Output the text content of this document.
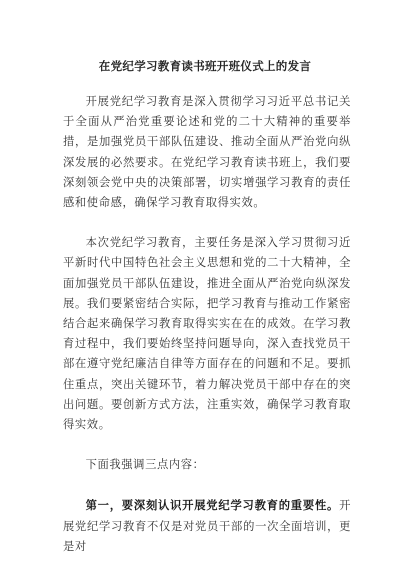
在党纪学习教育读书班开班仪式上的发言

开展党纪学习教育是深入贯彻学习习近平总书记关于全面从严治党重要论述和党的二十大精神的重要举措，是加强党员干部队伍建设、推动全面从严治党向纵深发展的必然要求。在党纪学习教育读书班上，我们要深刻领会党中央的决策部署，切实增强学习教育的责任感和使命感，确保学习教育取得实效。

本次党纪学习教育，主要任务是深入学习贯彻习近平新时代中国特色社会主义思想和党的二十大精神，全面加强党员干部队伍建设，推进全面从严治党向纵深发展。我们要紧密结合实际，把学习教育与推动工作紧密结合起来确保学习教育取得实实在在的成效。在学习教育过程中，我们要始终坚持问题导向，深入查找党员干部在遵守党纪廉洁自律等方面存在的问题和不足。要抓住重点，突出关键环节，着力解决党员干部中存在的突出问题。要创新方式方法，注重实效，确保学习教育取得实效。

下面我强调三点内容：

第一，要深刻认识开展党纪学习教育的重要性。开展党纪学习教育不仅是对党员干部的一次全面培训，更是对
